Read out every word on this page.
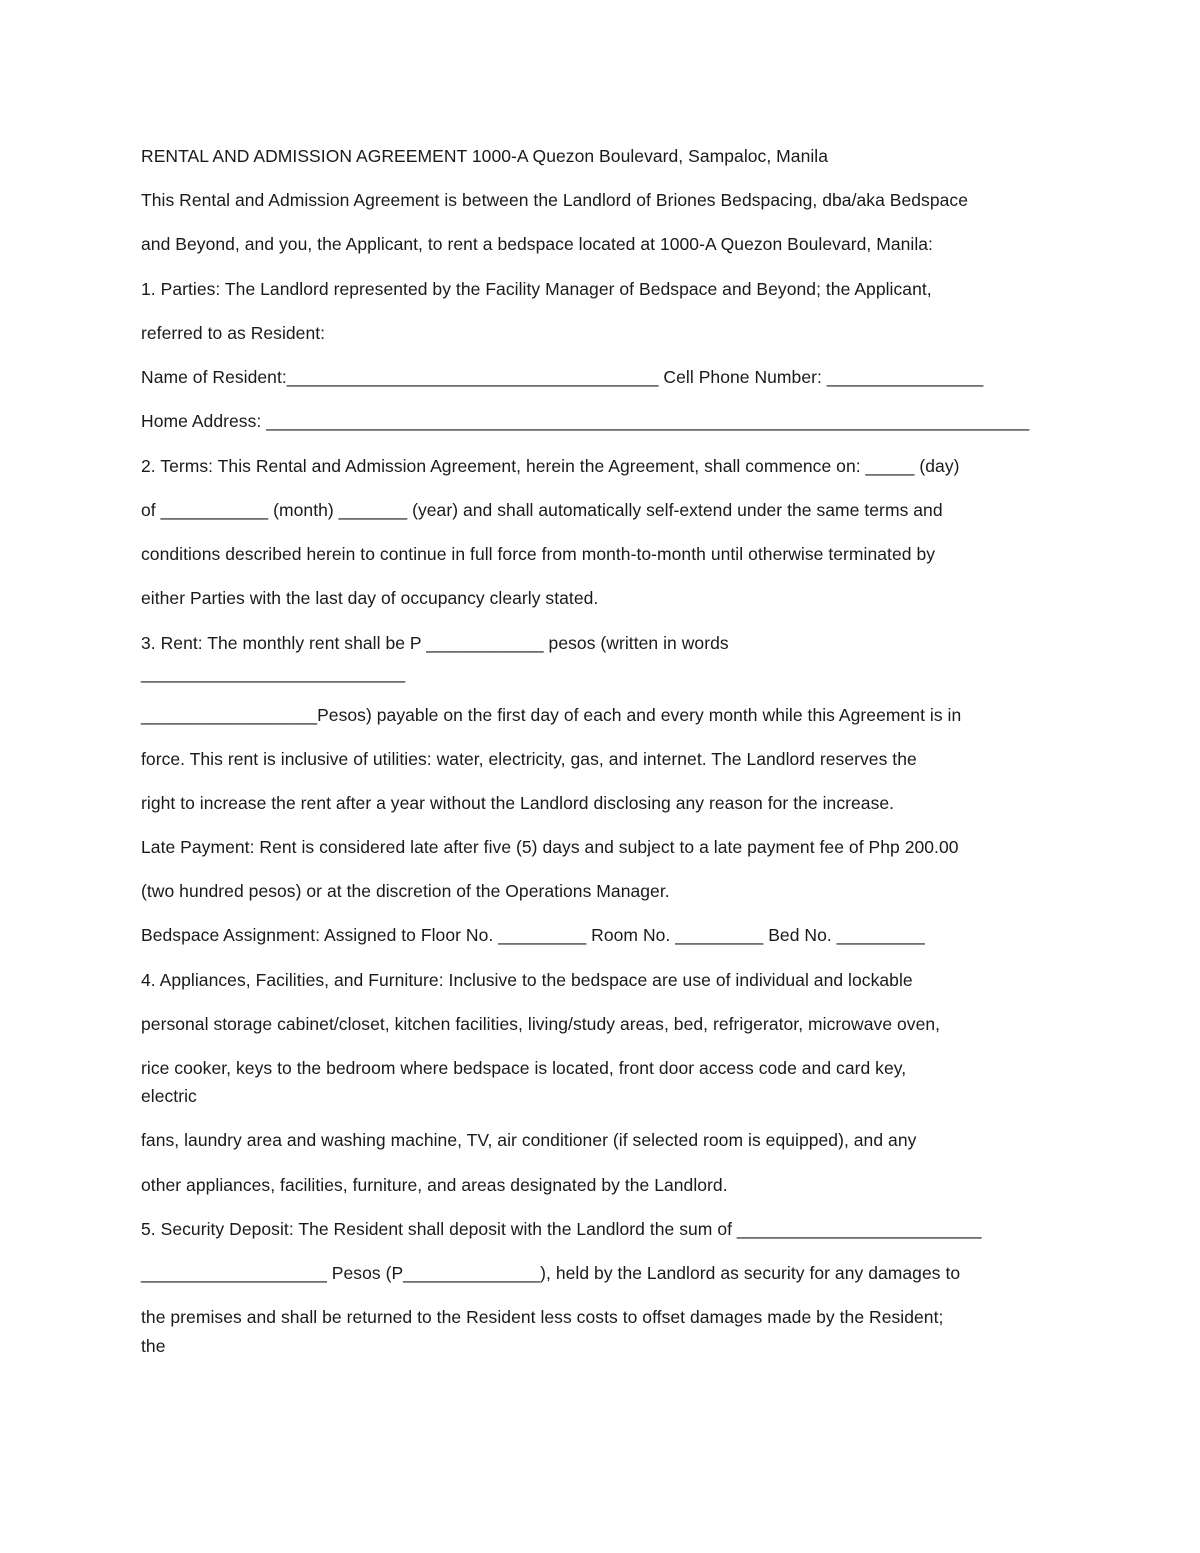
RENTAL AND ADMISSION AGREEMENT 1000-A Quezon Boulevard, Sampaloc, Manila
This Rental and Admission Agreement is between the Landlord of Briones Bedspacing, dba/aka Bedspace
and Beyond, and you, the Applicant, to rent a bedspace located at 1000-A Quezon Boulevard, Manila:
1. Parties: The Landlord represented by the Facility Manager of Bedspace and Beyond; the Applicant,
referred to as Resident:
Name of Resident:______________________________________ Cell Phone Number: ________________
Home Address: ______________________________________________________________________________
2. Terms: This Rental and Admission Agreement, herein the Agreement, shall commence on: _____ (day)
of ___________ (month) _______ (year) and shall automatically self-extend under the same terms and
conditions described herein to continue in full force from month-to-month until otherwise terminated by
either Parties with the last day of occupancy clearly stated.
3. Rent: The monthly rent shall be P ____________ pesos (written in words
___________________________
__________________Pesos) payable on the first day of each and every month while this Agreement is in
force. This rent is inclusive of utilities: water, electricity, gas, and internet. The Landlord reserves the
right to increase the rent after a year without the Landlord disclosing any reason for the increase.
Late Payment: Rent is considered late after five (5) days and subject to a late payment fee of Php 200.00
(two hundred pesos) or at the discretion of the Operations Manager.
Bedspace Assignment: Assigned to Floor No. _________ Room No. _________ Bed No. _________
4. Appliances, Facilities, and Furniture: Inclusive to the bedspace are use of individual and lockable
personal storage cabinet/closet, kitchen facilities, living/study areas, bed, refrigerator, microwave oven,
rice cooker, keys to the bedroom where bedspace is located, front door access code and card key,
electric
fans, laundry area and washing machine, TV, air conditioner (if selected room is equipped), and any
other appliances, facilities, furniture, and areas designated by the Landlord.
5. Security Deposit: The Resident shall deposit with the Landlord the sum of _________________________
___________________ Pesos (P______________), held by the Landlord as security for any damages to
the premises and shall be returned to the Resident less costs to offset damages made by the Resident;
the
